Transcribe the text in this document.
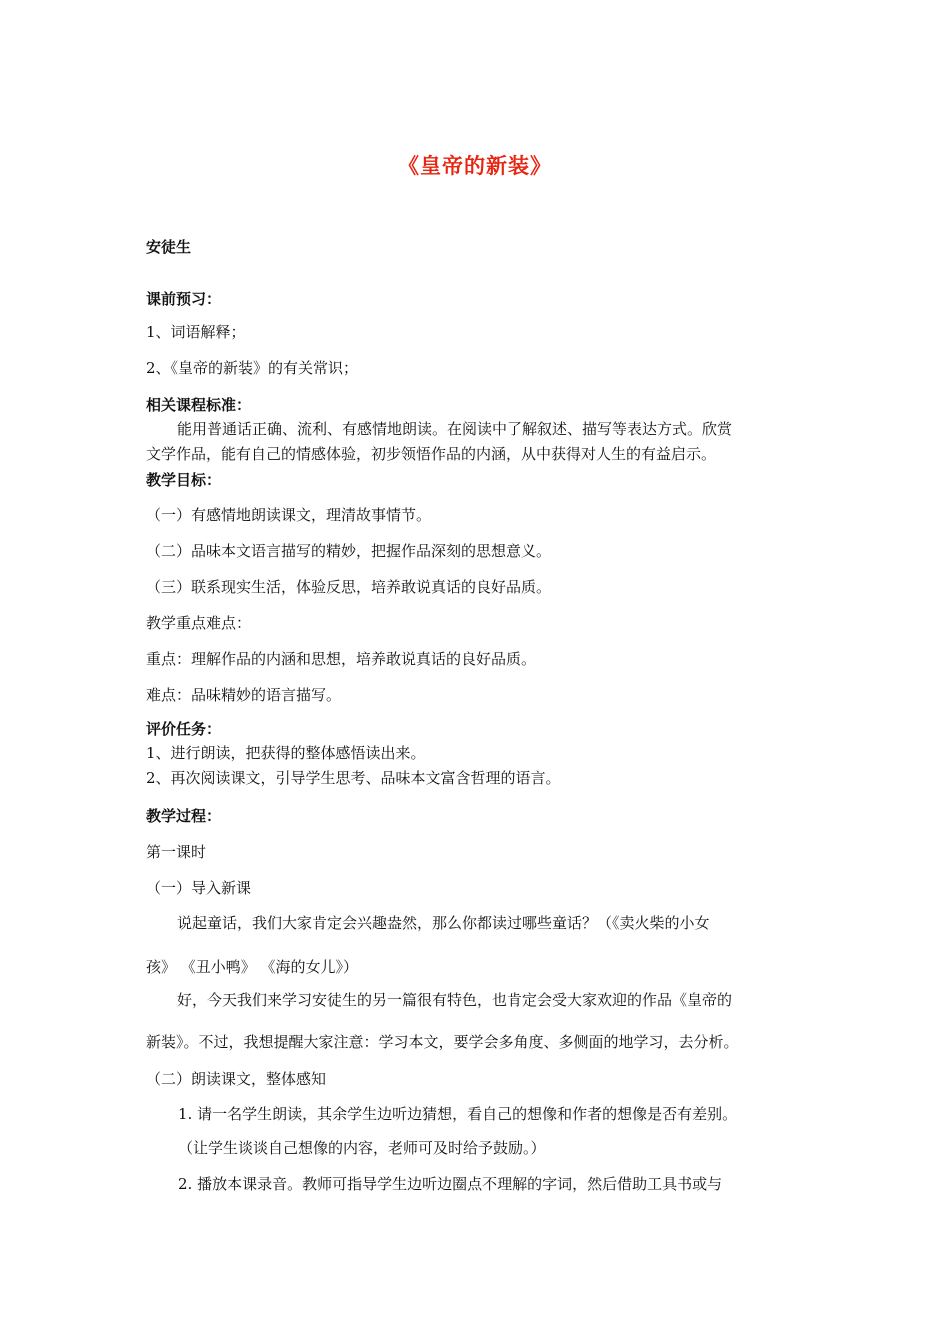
《皇帝的新装》
安徒生
课前预习：
1、词语解释；
2、《皇帝的新装》的有关常识；
相关课程标准：
能用普通话正确、流利、有感情地朗读。在阅读中了解叙述、描写等表达方式。欣赏
文学作品，能有自己的情感体验，初步领悟作品的内涵，从中获得对人生的有益启示。
教学目标：
（一）有感情地朗读课文，理清故事情节。
（二）品味本文语言描写的精妙，把握作品深刻的思想意义。
（三）联系现实生活，体验反思，培养敢说真话的良好品质。
教学重点难点：
重点：理解作品的内涵和思想，培养敢说真话的良好品质。
难点：品味精妙的语言描写。
评价任务：
1、进行朗读，把获得的整体感悟读出来。
2、再次阅读课文，引导学生思考、品味本文富含哲理的语言。
教学过程：
第一课时
（一）导入新课
说起童话，我们大家肯定会兴趣盎然，那么你都读过哪些童话？（《卖火柴的小女
孩》 《丑小鸭》 《海的女儿》）
好，今天我们来学习安徒生的另一篇很有特色，也肯定会受大家欢迎的作品《皇帝的
新装》。不过，我想提醒大家注意：学习本文，要学会多角度、多侧面的地学习，去分析。
（二）朗读课文，整体感知
1. 请一名学生朗读，其余学生边听边猜想，看自己的想像和作者的想像是否有差别。
（让学生谈谈自己想像的内容，老师可及时给予鼓励。）
2. 播放本课录音。教师可指导学生边听边圈点不理解的字词，然后借助工具书或与
